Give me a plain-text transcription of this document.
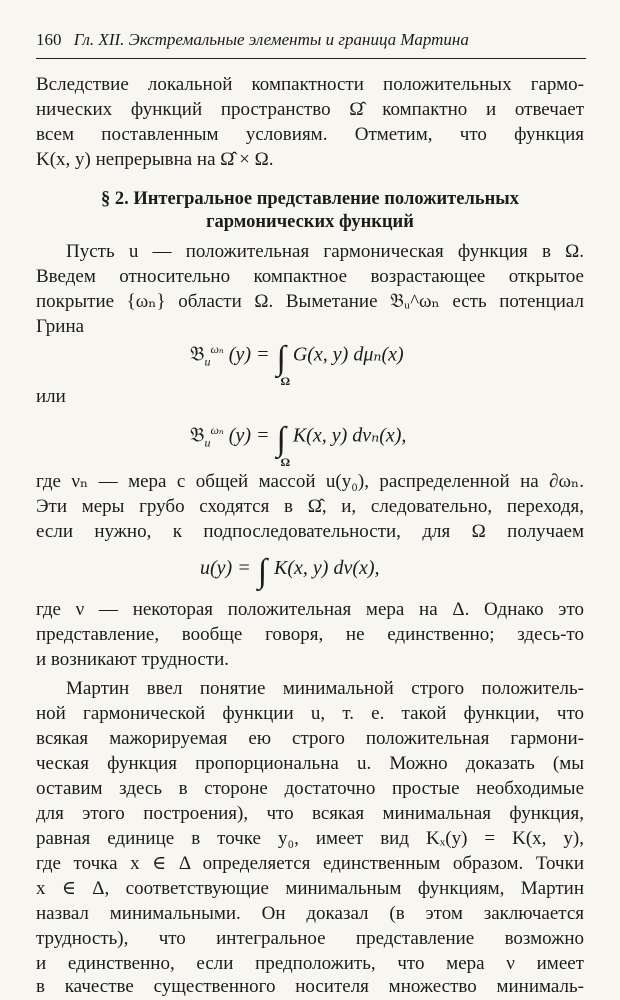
160 Гл. XII. Экстремальные элементы и граница Мартина
Вследствие локальной компактности положительных гармо-
нических функций пространство Ω̂ компактно и отвечает
всем поставленным условиям. Отметим, что функция
K(x, y) непрерывна на Ω̂ × Ω.
§ 2. Интегральное представление положительных
гармонических функций
Пусть u — положительная гармоническая функция в Ω.
Введем относительно компактное возрастающее открытое
покрытие {ωₙ} области Ω. Выметание 𝔅ᵤ^ωₙ есть потенциал
Грина
𝔅$_u^{\omega_n}$ (y) = ∫
Ω
G(x, y) dμₙ(x)
или
𝔅$_u^{\omega_n}$ (y) = ∫
Ω
K(x, y) dνₙ(x),
где νₙ — мера с общей массой u(y₀), распределенной на ∂ωₙ.
Эти меры грубо сходятся в Ω̂, и, следовательно, переходя,
если нужно, к подпоследовательности, для Ω получаем
u(y) = ∫ K(x, y) dν(x),
где ν — некоторая положительная мера на Δ. Однако это
представление, вообще говоря, не единственно; здесь-то
и возникают трудности.
Мартин ввел понятие минимальной строго положитель-
ной гармонической функции u, т. е. такой функции, что
всякая мажорируемая ею строго положительная гармони-
ческая функция пропорциональна u. Можно доказать (мы
оставим здесь в стороне достаточно простые необходимые
для этого построения), что всякая минимальная функция,
равная единице в точке y₀, имеет вид Kₓ(y) = K(x, y),
где точка x ∈ Δ определяется единственным образом. Точки
x ∈ Δ, соответствующие минимальным функциям, Мартин
назвал минимальными. Он доказал (в этом заключается
трудность), что интегральное представление возможно
и единственно, если предположить, что мера ν имеет
в качестве существенного носителя множество минималь-
